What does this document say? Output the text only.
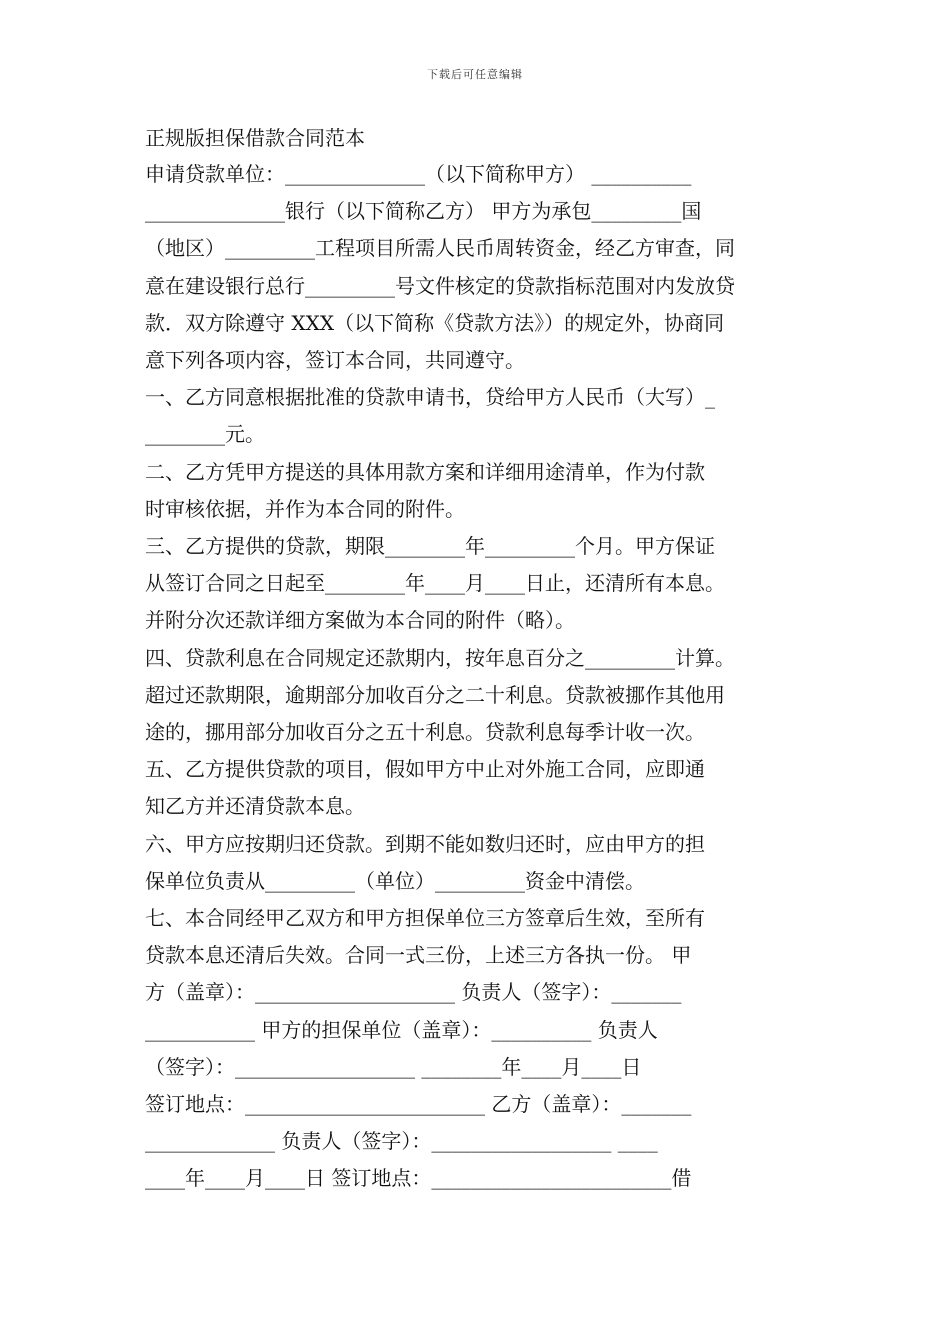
下载后可任意编辑
正规版担保借款合同范本
申请贷款单位：______________（以下简称甲方） __________
______________银行（以下简称乙方） 甲方为承包_________国
（地区）_________工程项目所需人民币周转资金，经乙方审查，同
意在建设银行总行_________号文件核定的贷款指标范围对内发放贷
款．双方除遵守 XXX（以下简称《贷款方法》）的规定外，协商同
意下列各项内容，签订本合同，共同遵守。
一、乙方同意根据批准的贷款申请书，贷给甲方人民币（大写）_
________元。
二、乙方凭甲方提送的具体用款方案和详细用途清单，作为付款
时审核依据，并作为本合同的附件。
三、乙方提供的贷款，期限________年_________个月。甲方保证
从签订合同之日起至________年____月____日止，还清所有本息。
并附分次还款详细方案做为本合同的附件（略）。
四、贷款利息在合同规定还款期内，按年息百分之_________计算。
超过还款期限，逾期部分加收百分之二十利息。贷款被挪作其他用
途的，挪用部分加收百分之五十利息。贷款利息每季计收一次。
五、乙方提供贷款的项目，假如甲方中止对外施工合同，应即通
知乙方并还清贷款本息。
六、甲方应按期归还贷款。到期不能如数归还时，应由甲方的担
保单位负责从_________（单位）_________资金中清偿。
七、本合同经甲乙双方和甲方担保单位三方签章后生效，至所有
贷款本息还清后失效。合同一式三份，上述三方各执一份。 甲
方（盖章）：____________________ 负责人（签字）：_______
___________ 甲方的担保单位（盖章）：__________ 负责人
（签字）：__________________ ________年____月____日
签订地点：________________________ 乙方（盖章）：_______
_____________ 负责人（签字）：__________________ ____
____年____月____日 签订地点：________________________借
